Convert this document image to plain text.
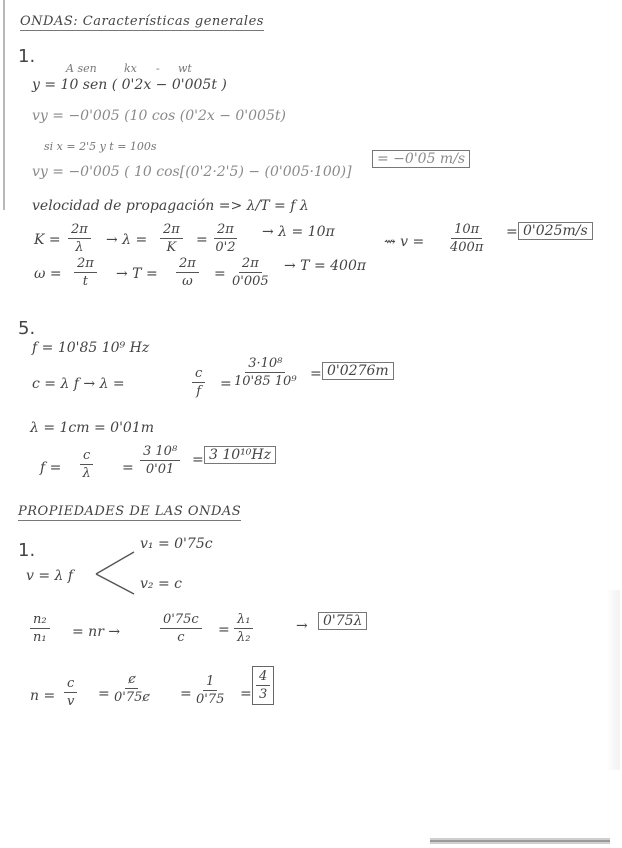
ONDAS: Características generales
1.
A sen kx - wt
y = 10 sen ( 0'2x − 0'005t )
vy = −0'005 (10 cos (0'2x − 0'005t)
si x = 2'5 y t = 100s
vy = −0'005 ( 10 cos[(0'2·2'5) − (0'005·100)]
= −0'05 m/s
velocidad de propagación => λ/T = f λ
$K = \frac{2\pi}{\lambda} \to \lambda = \frac{2\pi}{K} = \frac{2\pi}{0'2} \to \lambda = 10\pi$
$\omega = \frac{2\pi}{t} \to T = \frac{2\pi}{\omega} = \frac{2\pi}{0'005} \to T = 400\pi$
⇝ $v = \frac{10\pi}{400\pi} = 0'025m/s$
5.
f = 10'85 10⁹ Hz
c = λ f → λ =	$\frac{c}{f} = \frac{\text{3·10⁸}}{\text{10'85 10⁹}} = 0'0276m$
λ = 1cm = 0'01m
$f = \frac{c}{\lambda} = \frac{\text{3 10⁸}}{0'01} = 3$ 10¹⁰Hz
PROPIEDADES DE LAS ONDAS
1.
v = λ f
v₁ = 0'75c
v₂ = c
$\frac{\text{n₂}}{\text{n₁}}$ = nr →	$\frac{0'75c}{c} = \frac{\text{λ₁}}{\text{λ₂}}$	→	0'75λ
$n = \frac{c}{v} = \frac{ȼ}{0'75ȼ} = \frac{1}{0'75} = \frac{4}{3}$
